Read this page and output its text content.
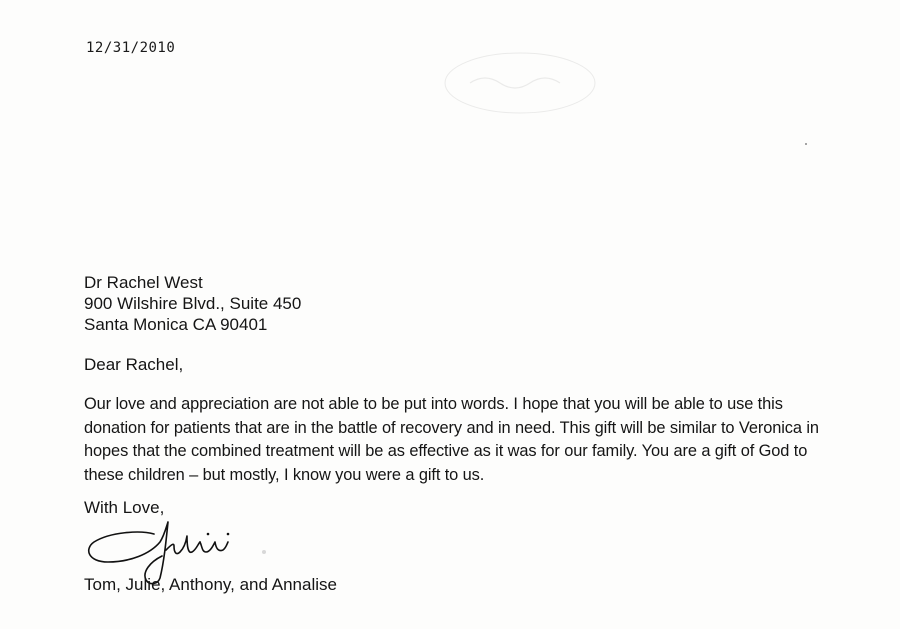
12/31/2010
Dr Rachel West
900 Wilshire Blvd., Suite 450
Santa Monica CA 90401
Dear Rachel,
Our love and appreciation are not able to be put into words. I hope that you will be able to use this donation for patients that are in the battle of recovery and in need. This gift will be similar to Veronica in hopes that the combined treatment will be as effective as it was for our family. You are a gift of God to these children – but mostly, I know you were a gift to us.
With Love,
Tom, Julie, Anthony, and Annalise
